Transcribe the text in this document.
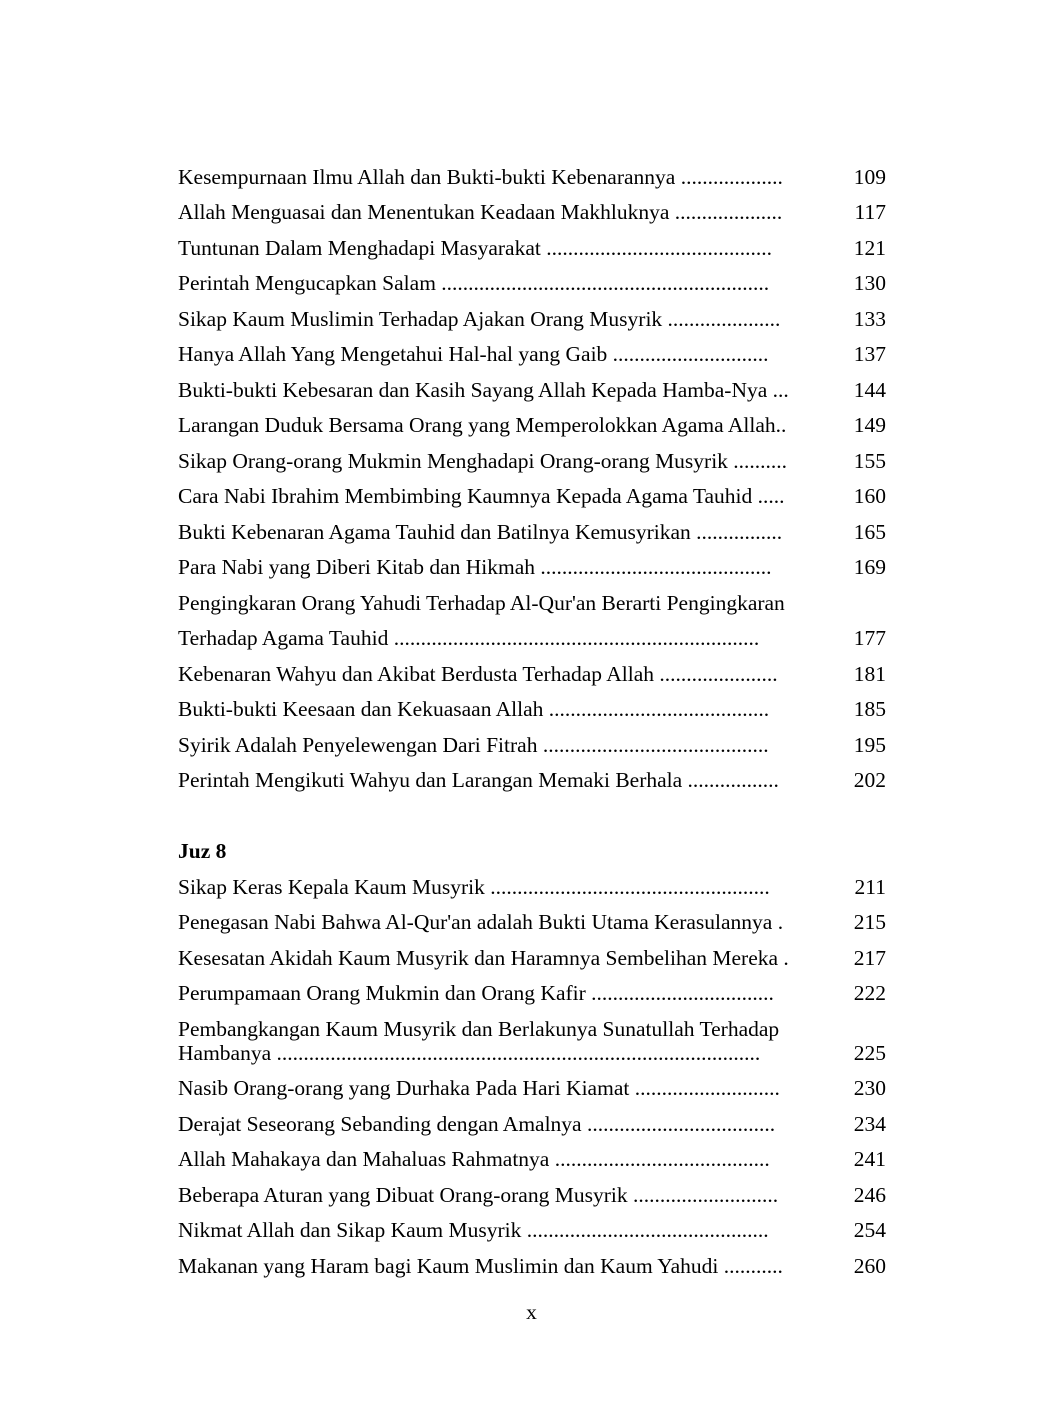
Kesempurnaan Ilmu Allah dan Bukti-bukti Kebenarannya ...................	109
Allah Menguasai dan Menentukan Keadaan Makhluknya ....................	117
Tuntunan Dalam Menghadapi Masyarakat ..........................................	121
Perintah Mengucapkan Salam .............................................................	130
Sikap Kaum Muslimin Terhadap Ajakan Orang Musyrik .....................	133
Hanya Allah Yang Mengetahui Hal-hal yang Gaib .............................	137
Bukti-bukti Kebesaran dan Kasih Sayang Allah Kepada Hamba-Nya ...	144
Larangan Duduk Bersama Orang yang Memperolokkan Agama Allah..	149
Sikap Orang-orang Mukmin Menghadapi Orang-orang Musyrik ..........	155
Cara Nabi Ibrahim Membimbing Kaumnya Kepada Agama Tauhid .....	160
Bukti Kebenaran Agama Tauhid dan Batilnya Kemusyrikan ................	165
Para Nabi yang Diberi Kitab dan Hikmah ...........................................	169
Pengingkaran Orang Yahudi Terhadap Al-Qur'an Berarti Pengingkaran
Terhadap Agama Tauhid ....................................................................	177
Kebenaran Wahyu dan Akibat Berdusta Terhadap Allah ......................	181
Bukti-bukti Keesaan dan Kekuasaan Allah .........................................	185
Syirik Adalah Penyelewengan Dari Fitrah ..........................................	195
Perintah Mengikuti Wahyu dan Larangan Memaki Berhala .................	202
Juz 8
Sikap Keras Kepala Kaum Musyrik ....................................................	211
Penegasan Nabi Bahwa Al-Qur'an adalah Bukti Utama Kerasulannya .	215
Kesesatan Akidah Kaum Musyrik dan Haramnya Sembelihan Mereka .	217
Perumpamaan Orang Mukmin dan Orang Kafir ..................................	222
Pembangkangan Kaum Musyrik dan Berlakunya Sunatullah Terhadap
Hambanya ..........................................................................................	225
Nasib Orang-orang yang Durhaka Pada Hari Kiamat ...........................	230
Derajat Seseorang Sebanding dengan Amalnya ...................................	234
Allah Mahakaya dan Mahaluas Rahmatnya ........................................	241
Beberapa Aturan yang Dibuat Orang-orang Musyrik ...........................	246
Nikmat Allah dan Sikap Kaum Musyrik .............................................	254
Makanan yang Haram bagi Kaum Muslimin dan Kaum Yahudi ...........	260
x
